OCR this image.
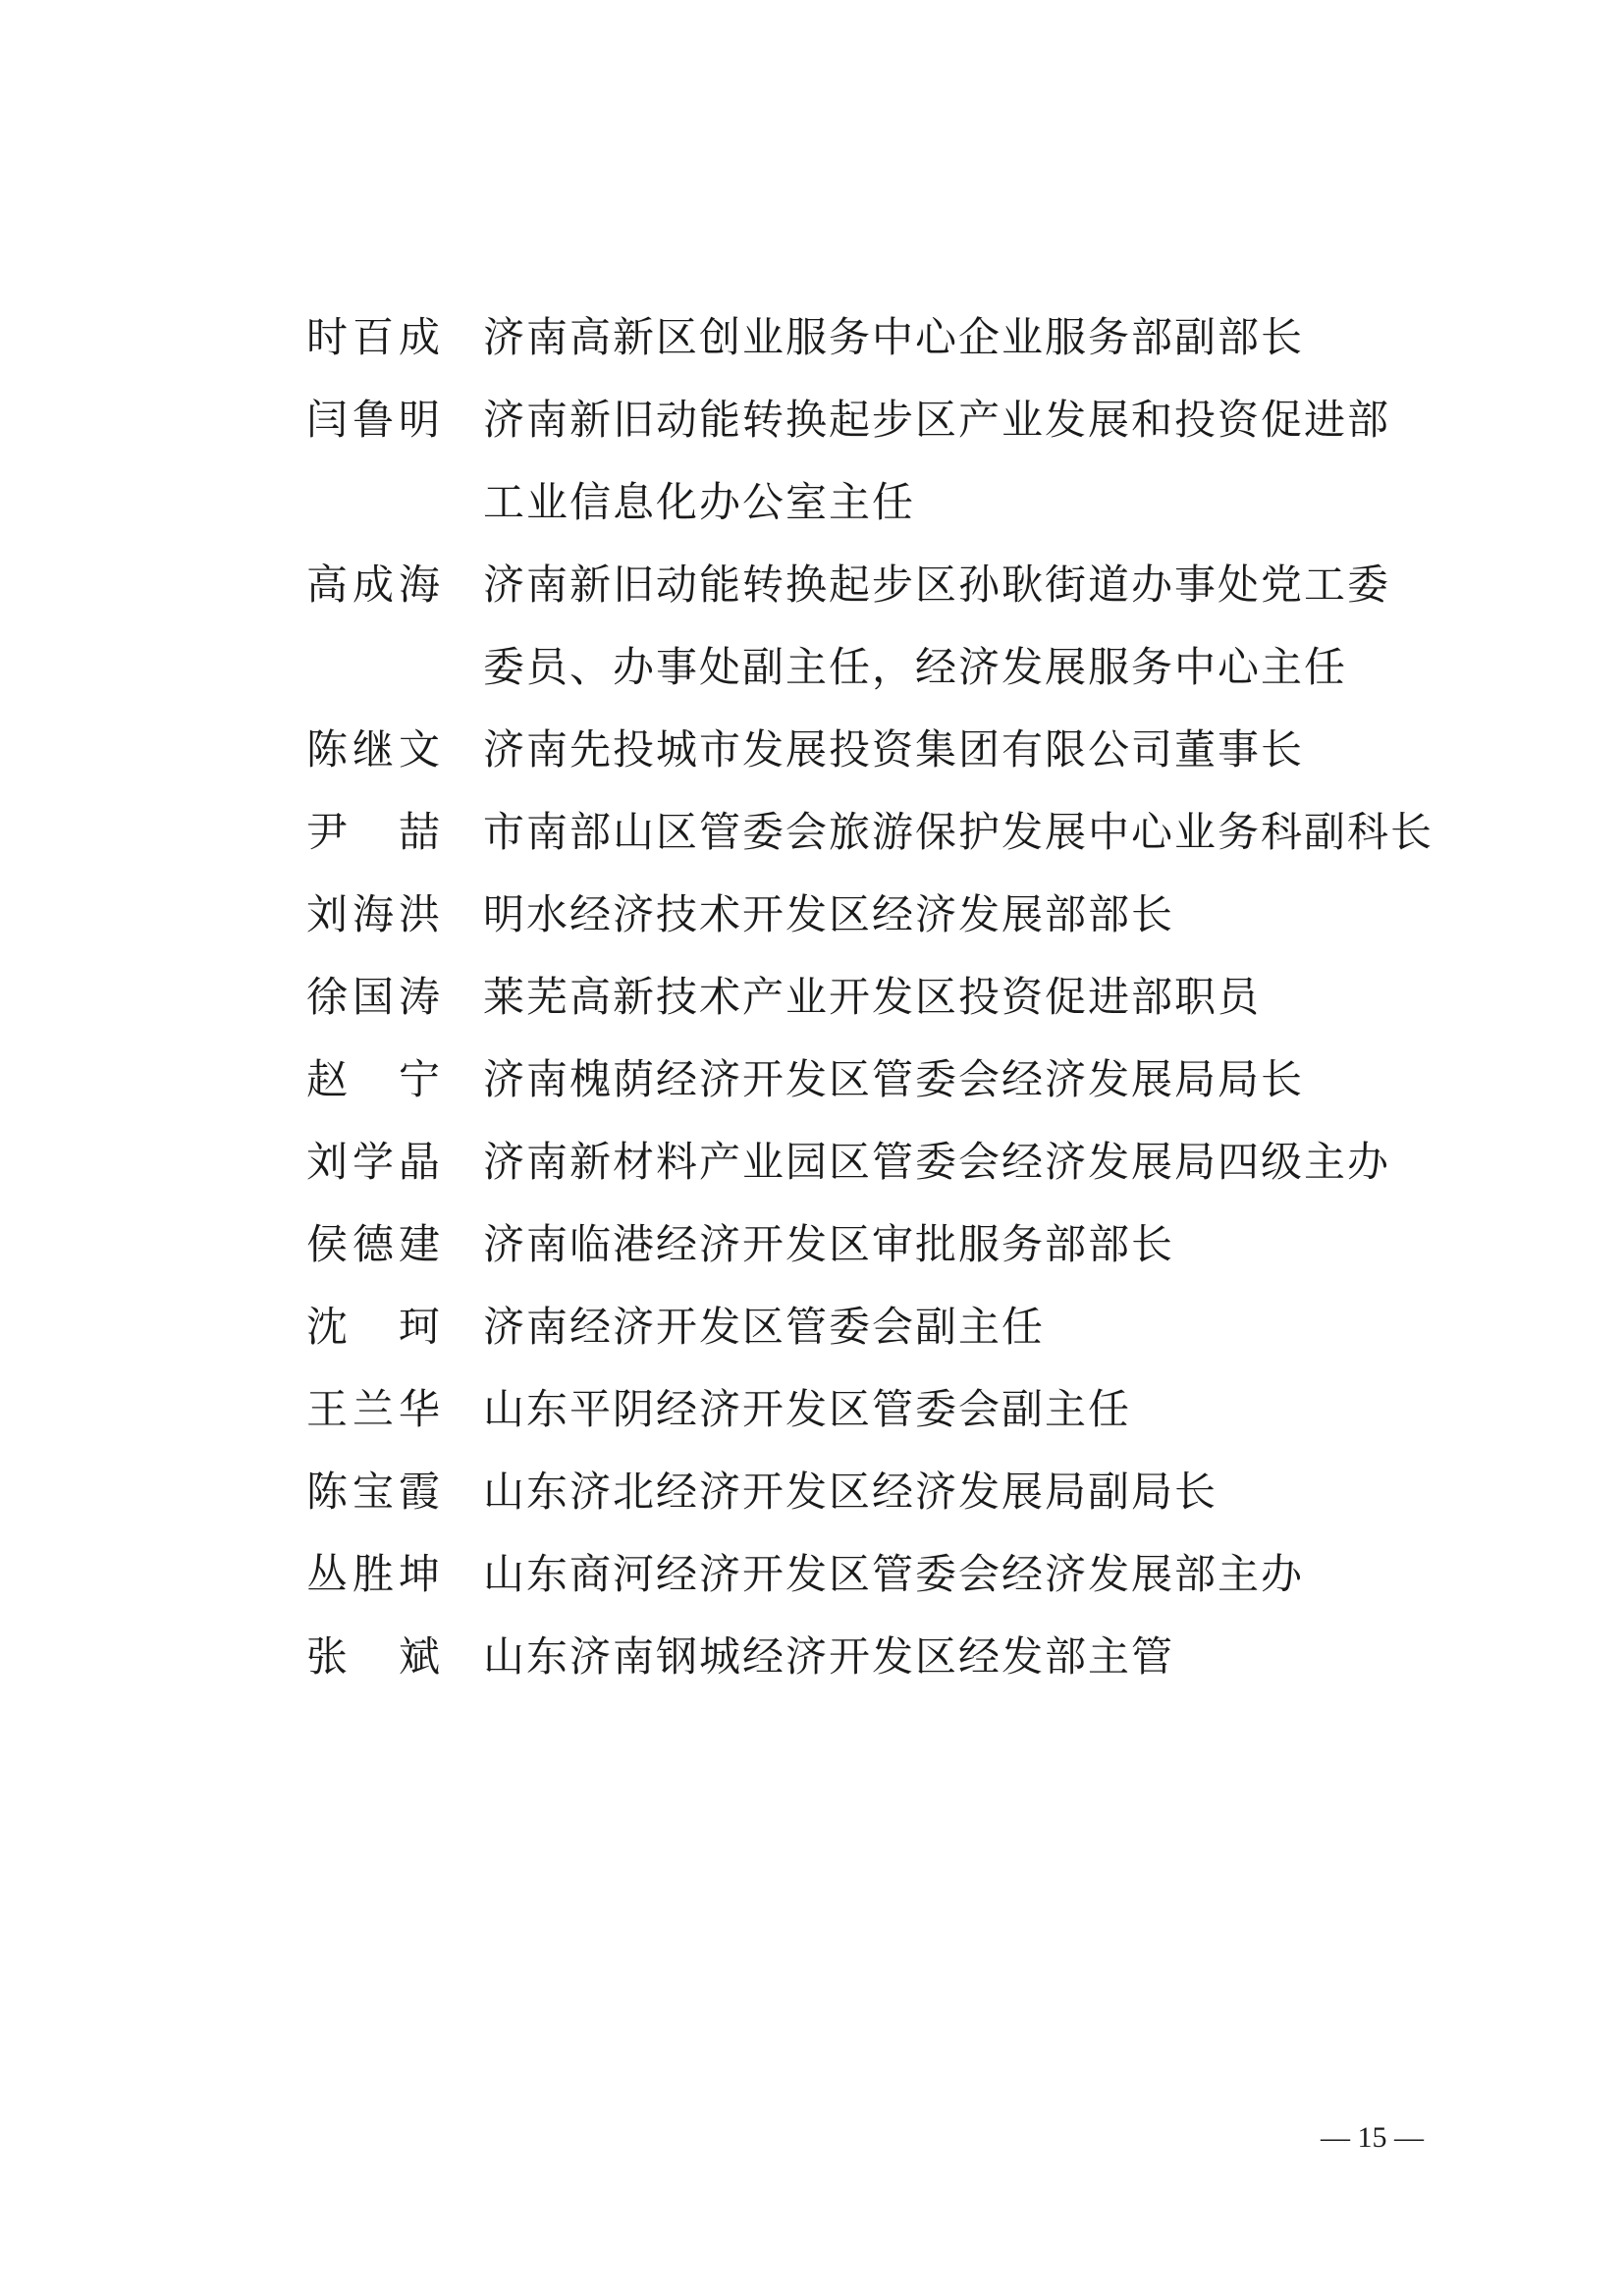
时 百 成 济南高新区创业服务中心企业服务部副部长
闫 鲁 明 济南新旧动能转换起步区产业发展和投资促进部
工业信息化办公室主任
高 成 海 济南新旧动能转换起步区孙耿街道办事处党工委
委员、办事处副主任，经济发展服务中心主任
陈 继 文 济南先投城市发展投资集团有限公司董事长
尹 喆 市南部山区管委会旅游保护发展中心业务科副科长
刘 海 洪 明水经济技术开发区经济发展部部长
徐 国 涛 莱芜高新技术产业开发区投资促进部职员
赵 宁 济南槐荫经济开发区管委会经济发展局局长
刘 学 晶 济南新材料产业园区管委会经济发展局四级主办
侯 德 建 济南临港经济开发区审批服务部部长
沈 珂 济南经济开发区管委会副主任
王 兰 华 山东平阴经济开发区管委会副主任
陈 宝 霞 山东济北经济开发区经济发展局副局长
丛 胜 坤 山东商河经济开发区管委会经济发展部主办
张 斌 山东济南钢城经济开发区经发部主管
— 15 —
